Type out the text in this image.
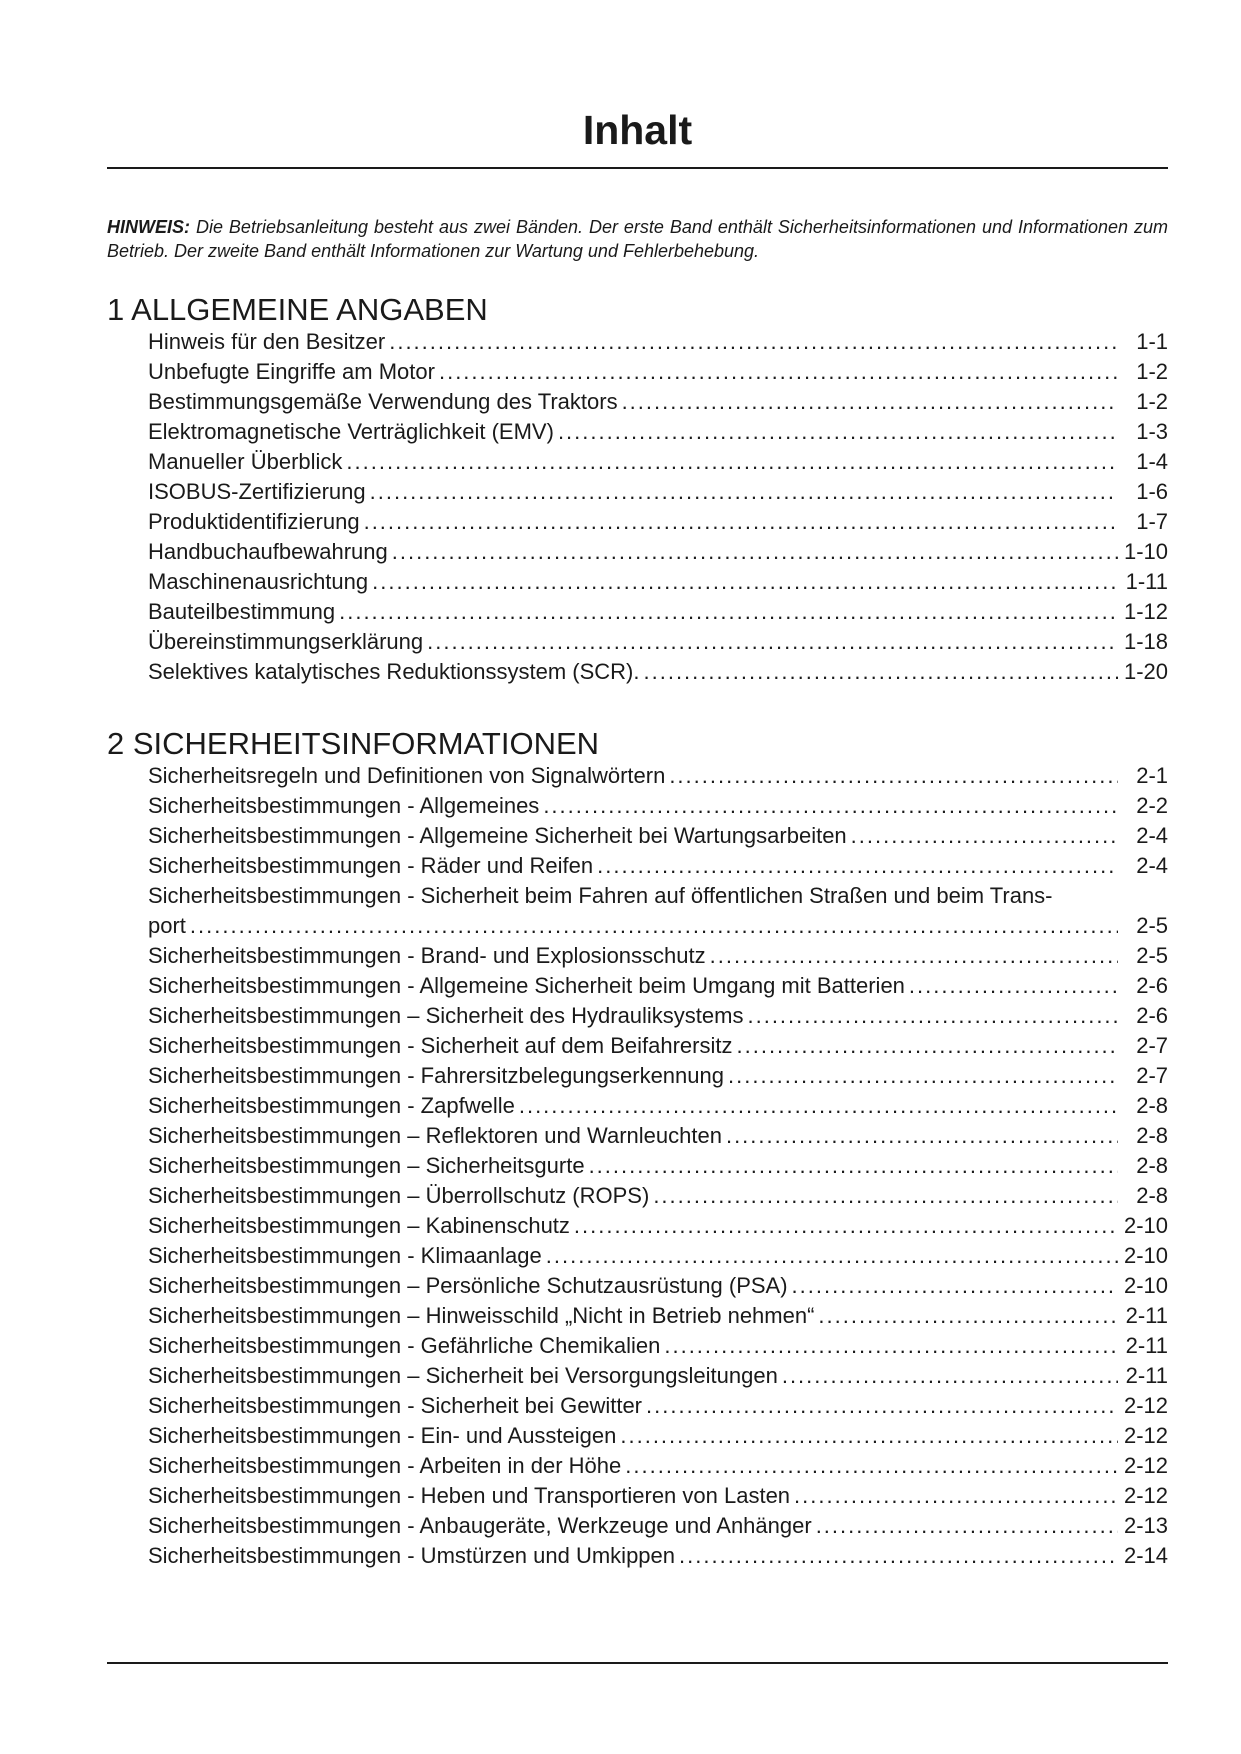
Inhalt
HINWEIS: Die Betriebsanleitung besteht aus zwei Bänden. Der erste Band enthält Sicherheitsinformationen und Informationen zum Betrieb. Der zweite Band enthält Informationen zur Wartung und Fehlerbehebung.
1 ALLGEMEINE ANGABEN
Hinweis für den Besitzer .....	1-1
Unbefugte Eingriffe am Motor .....	1-2
Bestimmungsgemäße Verwendung des Traktors .....	1-2
Elektromagnetische Verträglichkeit (EMV) .....	1-3
Manueller Überblick .....	1-4
ISOBUS-Zertifizierung .....	1-6
Produktidentifizierung .....	1-7
Handbuchaufbewahrung .....	1-10
Maschinenausrichtung .....	1-11
Bauteilbestimmung .....	1-12
Übereinstimmungserklärung .....	1-18
Selektives katalytisches Reduktionssystem (SCR). .....	1-20
2 SICHERHEITSINFORMATIONEN
Sicherheitsregeln und Definitionen von Signalwörtern .....	2-1
Sicherheitsbestimmungen - Allgemeines .....	2-2
Sicherheitsbestimmungen - Allgemeine Sicherheit bei Wartungsarbeiten .....	2-4
Sicherheitsbestimmungen - Räder und Reifen .....	2-4
Sicherheitsbestimmungen - Sicherheit beim Fahren auf öffentlichen Straßen und beim Trans-
port .....	2-5
Sicherheitsbestimmungen - Brand- und Explosionsschutz .....	2-5
Sicherheitsbestimmungen - Allgemeine Sicherheit beim Umgang mit Batterien .....	2-6
Sicherheitsbestimmungen – Sicherheit des Hydrauliksystems .....	2-6
Sicherheitsbestimmungen - Sicherheit auf dem Beifahrersitz .....	2-7
Sicherheitsbestimmungen - Fahrersitzbelegungserkennung .....	2-7
Sicherheitsbestimmungen - Zapfwelle .....	2-8
Sicherheitsbestimmungen – Reflektoren und Warnleuchten .....	2-8
Sicherheitsbestimmungen – Sicherheitsgurte .....	2-8
Sicherheitsbestimmungen – Überrollschutz (ROPS) .....	2-8
Sicherheitsbestimmungen – Kabinenschutz .....	2-10
Sicherheitsbestimmungen - Klimaanlage .....	2-10
Sicherheitsbestimmungen – Persönliche Schutzausrüstung (PSA) .....	2-10
Sicherheitsbestimmungen – Hinweisschild „Nicht in Betrieb nehmen“ .....	2-11
Sicherheitsbestimmungen - Gefährliche Chemikalien .....	2-11
Sicherheitsbestimmungen – Sicherheit bei Versorgungsleitungen .....	2-11
Sicherheitsbestimmungen - Sicherheit bei Gewitter .....	2-12
Sicherheitsbestimmungen - Ein- und Aussteigen .....	2-12
Sicherheitsbestimmungen - Arbeiten in der Höhe .....	2-12
Sicherheitsbestimmungen - Heben und Transportieren von Lasten .....	2-12
Sicherheitsbestimmungen - Anbaugeräte, Werkzeuge und Anhänger .....	2-13
Sicherheitsbestimmungen - Umstürzen und Umkippen .....	2-14
